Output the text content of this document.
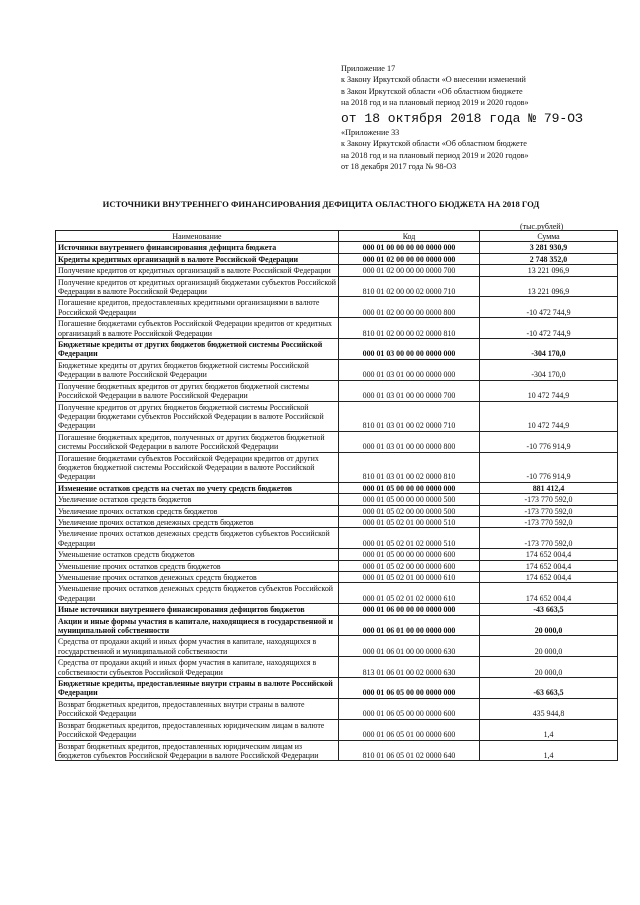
Приложение 17
к Закону Иркутской области «О внесении изменений
в Закон Иркутской области «Об областном бюджете
на 2018 год и на плановый период 2019 и 2020 годов»
от 18 октября 2018 года № 79-ОЗ
«Приложение 33
к Закону Иркутской области «Об областном бюджете
на 2018 год и на плановый период 2019 и 2020 годов»
от 18 декабря 2017 года № 98-ОЗ
ИСТОЧНИКИ ВНУТРЕННЕГО ФИНАНСИРОВАНИЯ ДЕФИЦИТА ОБЛАСТНОГО БЮДЖЕТА НА 2018 ГОД
(тыс.рублей)
Наименование	Код	Сумма
Источники внутреннего финансирования дефицита бюджета	000 01 00 00 00 00 0000 000	3 281 930,9
Кредиты кредитных организаций в валюте Российской Федерации	000 01 02 00 00 00 0000 000	2 748 352,0
Получение кредитов от кредитных организаций в валюте Российской Федерации	000 01 02 00 00 00 0000 700	13 221 096,9
Получение кредитов от кредитных организаций бюджетами субъектов Российской Федерации в валюте Российской Федерации	810 01 02 00 00 02 0000 710	13 221 096,9
Погашение кредитов, предоставленных кредитными организациями в валюте Российской Федерации	000 01 02 00 00 00 0000 800	-10 472 744,9
Погашение бюджетами субъектов Российской Федерации кредитов от кредитных организаций в валюте Российской Федерации	810 01 02 00 00 02 0000 810	-10 472 744,9
Бюджетные кредиты от других бюджетов бюджетной системы Российской Федерации	000 01 03 00 00 00 0000 000	-304 170,0
Бюджетные кредиты от других бюджетов бюджетной системы Российской Федерации в валюте Российской Федерации	000 01 03 01 00 00 0000 000	-304 170,0
Получение бюджетных кредитов от других бюджетов бюджетной системы Российской Федерации в валюте Российской Федерации	000 01 03 01 00 00 0000 700	10 472 744,9
Получение кредитов от других бюджетов бюджетной системы Российской Федерации бюджетами субъектов Российской Федерации в валюте Российской Федерации	810 01 03 01 00 02 0000 710	10 472 744,9
Погашение бюджетных кредитов, полученных от других бюджетов бюджетной системы Российской Федерации в валюте Российской Федерации	000 01 03 01 00 00 0000 800	-10 776 914,9
Погашение бюджетами субъектов Российской Федерации кредитов от других бюджетов бюджетной системы Российской Федерации в валюте Российской Федерации	810 01 03 01 00 02 0000 810	-10 776 914,9
Изменение остатков средств на счетах по учету средств бюджетов	000 01 05 00 00 00 0000 000	881 412,4
Увеличение остатков средств бюджетов	000 01 05 00 00 00 0000 500	-173 770 592,0
Увеличение прочих остатков средств бюджетов	000 01 05 02 00 00 0000 500	-173 770 592,0
Увеличение прочих остатков денежных средств бюджетов	000 01 05 02 01 00 0000 510	-173 770 592,0
Увеличение прочих остатков денежных средств бюджетов субъектов Российской Федерации	000 01 05 02 01 02 0000 510	-173 770 592,0
Уменьшение остатков средств бюджетов	000 01 05 00 00 00 0000 600	174 652 004,4
Уменьшение прочих остатков средств бюджетов	000 01 05 02 00 00 0000 600	174 652 004,4
Уменьшение прочих остатков денежных средств бюджетов	000 01 05 02 01 00 0000 610	174 652 004,4
Уменьшение прочих остатков денежных средств бюджетов субъектов Российской Федерации	000 01 05 02 01 02 0000 610	174 652 004,4
Иные источники внутреннего финансирования дефицитов бюджетов	000 01 06 00 00 00 0000 000	-43 663,5
Акции и иные формы участия в капитале, находящиеся в государственной и муниципальной собственности	000 01 06 01 00 00 0000 000	20 000,0
Средства от продажи акций и иных форм участия в капитале, находящихся в государственной и муниципальной собственности	000 01 06 01 00 00 0000 630	20 000,0
Средства от продажи акций и иных форм участия в капитале, находящихся в собственности субъектов Российской Федерации	813 01 06 01 00 02 0000 630	20 000,0
Бюджетные кредиты, предоставленные внутри страны в валюте Российской Федерации	000 01 06 05 00 00 0000 000	-63 663,5
Возврат бюджетных кредитов, предоставленных внутри страны в валюте Российской Федерации	000 01 06 05 00 00 0000 600	435 944,8
Возврат бюджетных кредитов, предоставленных юридическим лицам в валюте Российской Федерации	000 01 06 05 01 00 0000 600	1,4
Возврат бюджетных кредитов, предоставленных юридическим лицам из бюджетов субъектов Российской Федерации в валюте Российской Федерации	810 01 06 05 01 02 0000 640	1,4
